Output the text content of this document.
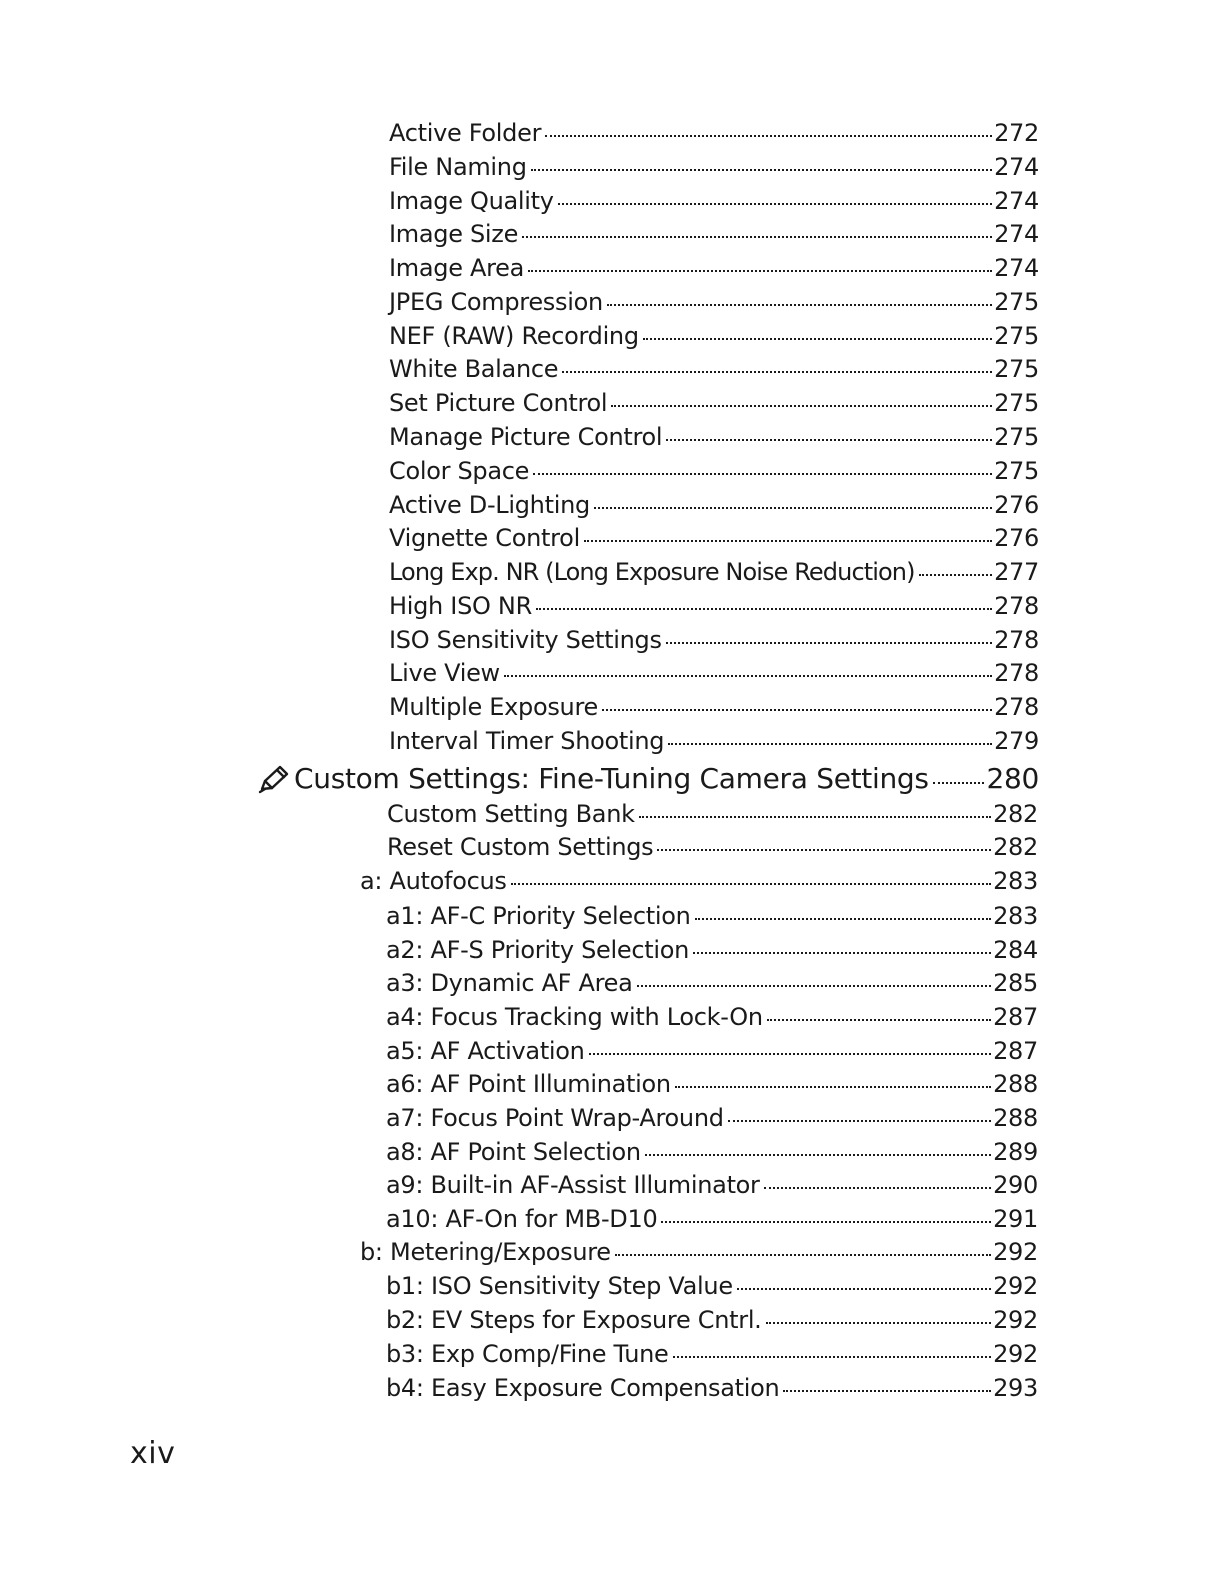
Active Folder	272
File Naming	274
Image Quality	274
Image Size	274
Image Area	274
JPEG Compression	275
NEF (RAW) Recording	275
White Balance	275
Set Picture Control	275
Manage Picture Control	275
Color Space	275
Active D-Lighting	276
Vignette Control	276
Long Exp. NR (Long Exposure Noise Reduction)	277
High ISO NR	278
ISO Sensitivity Settings	278
Live View	278
Multiple Exposure	278
Interval Timer Shooting	279
Custom Settings: Fine-Tuning Camera Settings 280
Custom Setting Bank	282
Reset Custom Settings	282
a: Autofocus	283
a1: AF-C Priority Selection	283
a2: AF-S Priority Selection	284
a3: Dynamic AF Area	285
a4: Focus Tracking with Lock-On	287
a5: AF Activation	287
a6: AF Point Illumination	288
a7: Focus Point Wrap-Around	288
a8: AF Point Selection	289
a9: Built-in AF-Assist Illuminator	290
a10: AF-On for MB-D10	291
b: Metering/Exposure	292
b1: ISO Sensitivity Step Value	292
b2: EV Steps for Exposure Cntrl.	292
b3: Exp Comp/Fine Tune	292
b4: Easy Exposure Compensation	293
xiv
